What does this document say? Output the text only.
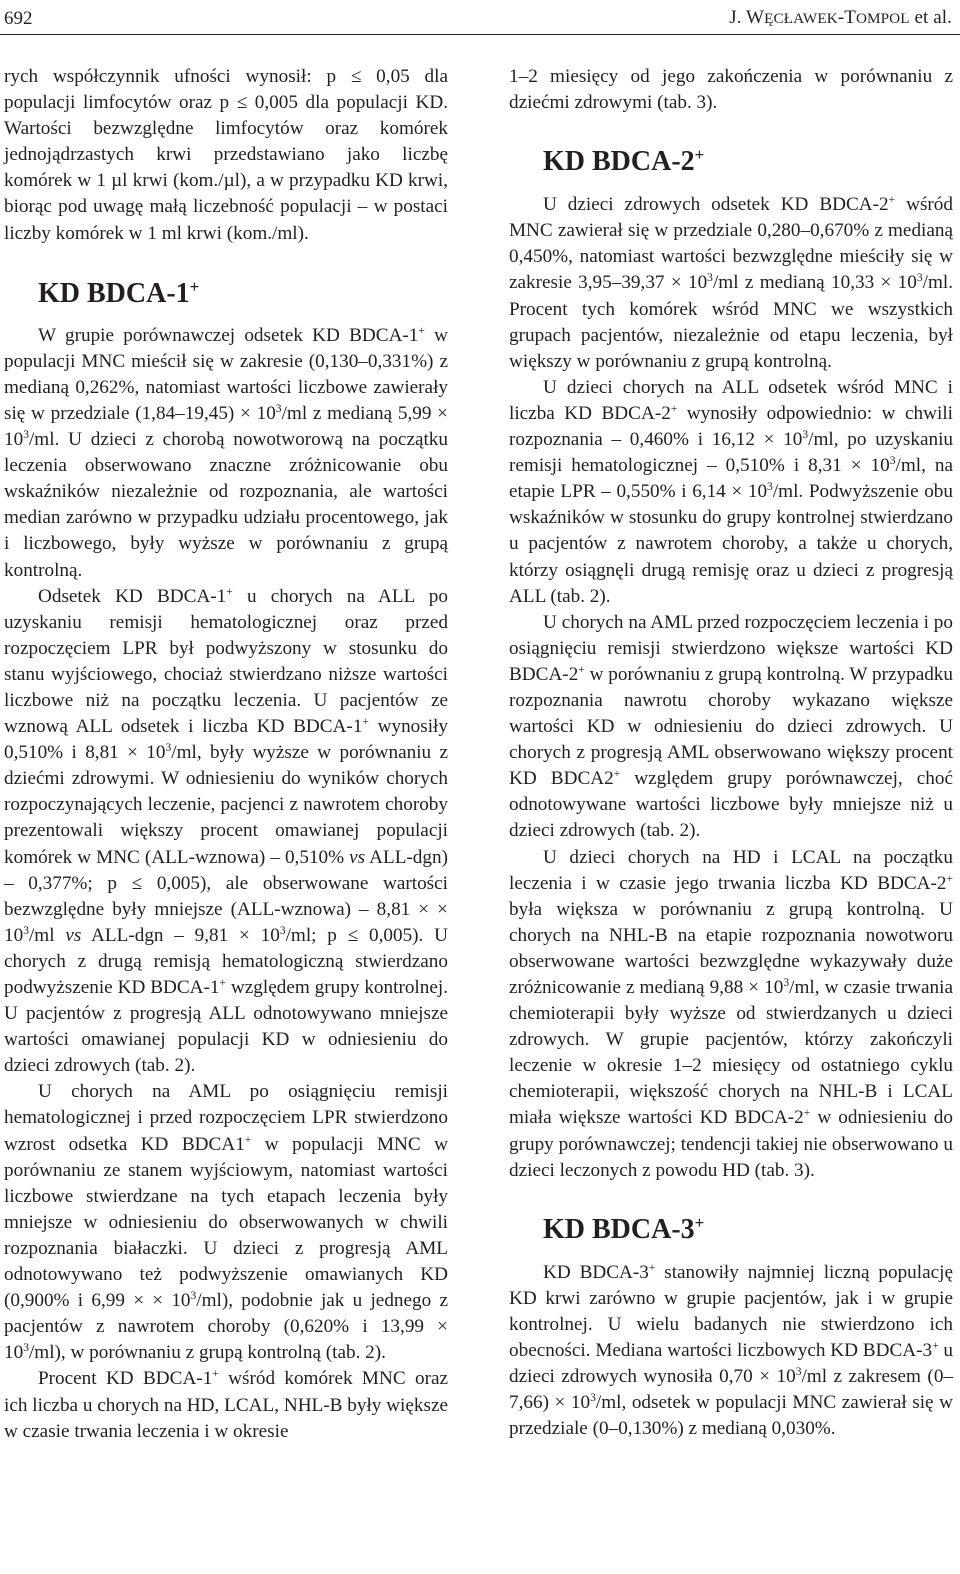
692	J. WĘCŁAWEK-TOMPOL et al.

rych współczynnik ufności wynosił: p ≤ 0,05 dla populacji limfocytów oraz p ≤ 0,005 dla populacji KD. Wartości bezwzględne limfocytów oraz komórek jednojądrzastych krwi przedstawiano jako liczbę komórek w 1 µl krwi (kom./µl), a w przypadku KD krwi, biorąc pod uwagę małą liczebność populacji – w postaci liczby komórek w 1 ml krwi (kom./ml).

KD BDCA-1+

W grupie porównawczej odsetek KD BDCA-1+ w populacji MNC mieścił się w zakresie (0,130–0,331%) z medianą 0,262%, natomiast wartości liczbowe zawierały się w przedziale $(1,84-19,45) \times 10^3/ml$ z medianą $5,99 \times 10^3/ml$. U dzieci z chorobą nowotworową na początku leczenia obserwowano znaczne zróżnicowanie obu wskaźników niezależnie od rozpoznania, ale wartości median zarówno w przypadku udziału procentowego, jak i liczbowego, były wyższe w porównaniu z grupą kontrolną.

Odsetek KD BDCA-1+ u chorych na ALL po uzyskaniu remisji hematologicznej oraz przed rozpoczęciem LPR był podwyższony w stosunku do stanu wyjściowego, chociaż stwierdzano niższe wartości liczbowe niż na początku leczenia. U pacjentów ze wznową ALL odsetek i liczba KD BDCA-1+ wynosiły 0,510% i $8,81 \times 10^3/ml$, były wyższe w porównaniu z dziećmi zdrowymi. W odniesieniu do wyników chorych rozpoczynających leczenie, pacjenci z nawrotem choroby prezentowali większy procent omawianej populacji komórek w MNC (ALL-wznowa) – 0,510% vs ALL-dgn) – 0,377%; p ≤ 0,005), ale obserwowane wartości bezwzględne były mniejsze (ALL-wznowa) – 8,81 × × $10^3/ml$ vs $ALL-dgn - 9,81 \times 10^3/ml$; p ≤ 0,005). U chorych z drugą remisją hematologiczną stwierdzano podwyższenie KD BDCA-1+ względem grupy kontrolnej. U pacjentów z progresją ALL odnotowywano mniejsze wartości omawianej populacji KD w odniesieniu do dzieci zdrowych (tab. 2).

U chorych na AML po osiągnięciu remisji hematologicznej i przed rozpoczęciem LPR stwierdzono wzrost odsetka KD BDCA1+ w populacji MNC w porównaniu ze stanem wyjściowym, natomiast wartości liczbowe stwierdzane na tych etapach leczenia były mniejsze w odniesieniu do obserwowanych w chwili rozpoznania białaczki. U dzieci z progresją AML odnotowywano też podwyższenie omawianych KD (0,900% i 6,99 × × $10^3/ml$), podobnie jak u jednego z pacjentów z nawrotem choroby (0,620% i $13,99 \times 10^3/ml$), w porównaniu z grupą kontrolną (tab. 2).

Procent KD BDCA-1+ wśród komórek MNC oraz ich liczba u chorych na HD, LCAL, NHL-B były większe w czasie trwania leczenia i w okresie

1–2 miesięcy od jego zakończenia w porównaniu z dziećmi zdrowymi (tab. 3).

KD BDCA-2+

U dzieci zdrowych odsetek KD BDCA-2+ wśród MNC zawierał się w przedziale 0,280–0,670% z medianą 0,450%, natomiast wartości bezwzględne mieściły się w zakresie $3,95-39,37 \times 10^3/ml$ z medianą $10,33 \times 10^3/ml$. Procent tych komórek wśród MNC we wszystkich grupach pacjentów, niezależnie od etapu leczenia, był większy w porównaniu z grupą kontrolną.

U dzieci chorych na ALL odsetek wśród MNC i liczba KD BDCA-2+ wynosiły odpowiednio: w chwili rozpoznania – 0,460% i $16,12 \times 10^3/ml$, po uzyskaniu remisji hematologicznej – 0,510% i $8,31 \times 10^3/ml$, na etapie LPR – 0,550% i $6,14 \times 10^3/ml$. Podwyższenie obu wskaźników w stosunku do grupy kontrolnej stwierdzano u pacjentów z nawrotem choroby, a także u chorych, którzy osiągnęli drugą remisję oraz u dzieci z progresją ALL (tab. 2).

U chorych na AML przed rozpoczęciem leczenia i po osiągnięciu remisji stwierdzono większe wartości KD BDCA-2+ w porównaniu z grupą kontrolną. W przypadku rozpoznania nawrotu choroby wykazano większe wartości KD w odniesieniu do dzieci zdrowych. U chorych z progresją AML obserwowano większy procent KD BDCA2+ względem grupy porównawczej, choć odnotowywane wartości liczbowe były mniejsze niż u dzieci zdrowych (tab. 2).

U dzieci chorych na HD i LCAL na początku leczenia i w czasie jego trwania liczba KD BDCA-2+ była większa w porównaniu z grupą kontrolną. U chorych na NHL-B na etapie rozpoznania nowotworu obserwowane wartości bezwzględne wykazywały duże zróżnicowanie z medianą $9,88 \times 10^3/ml$, w czasie trwania chemioterapii były wyższe od stwierdzanych u dzieci zdrowych. W grupie pacjentów, którzy zakończyli leczenie w okresie 1–2 miesięcy od ostatniego cyklu chemioterapii, większość chorych na NHL-B i LCAL miała większe wartości KD BDCA-2+ w odniesieniu do grupy porównawczej; tendencji takiej nie obserwowano u dzieci leczonych z powodu HD (tab. 3).

KD BDCA-3+

KD BDCA-3+ stanowiły najmniej liczną populację KD krwi zarówno w grupie pacjentów, jak i w grupie kontrolnej. U wielu badanych nie stwierdzono ich obecności. Mediana wartości liczbowych KD BDCA-3+ u dzieci zdrowych wynosiła $0,70 \times 10^3/ml$ z zakresem $(0-7,66) \times 10^3/ml$, odsetek w populacji MNC zawierał się w przedziale (0–0,130%) z medianą 0,030%.
